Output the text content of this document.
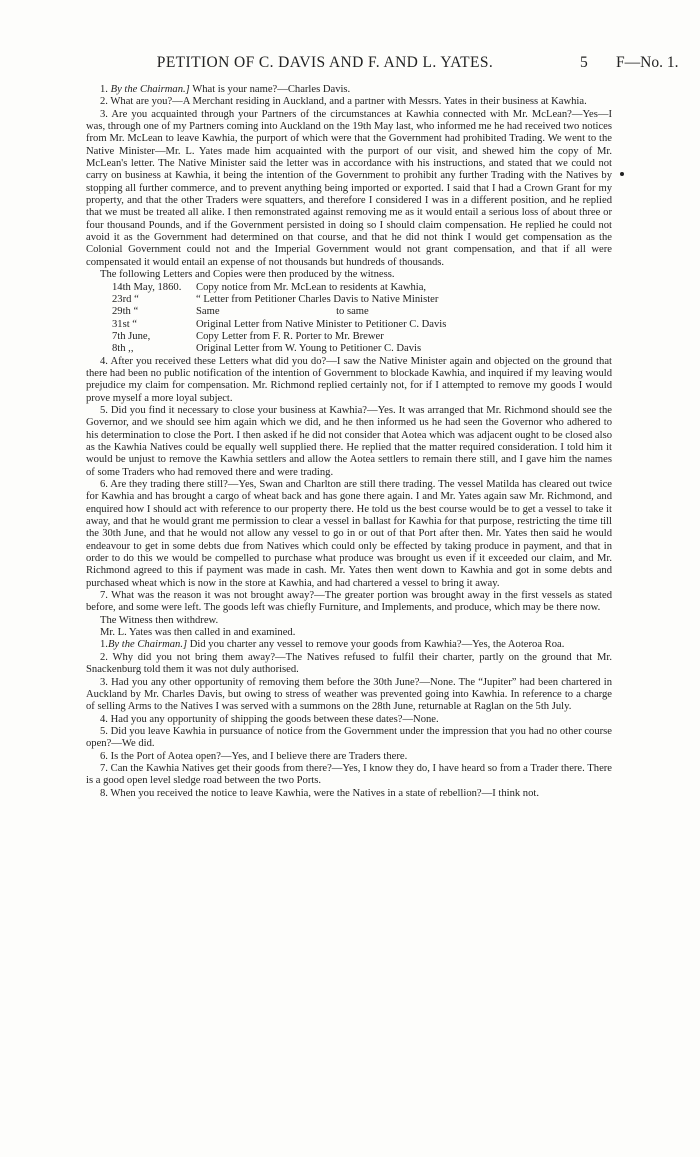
PETITION OF C. DAVIS AND F. AND L. YATES.	5 F—No. 1.

1. By the Chairman.] What is your name?—Charles Davis.

2. What are you?—A Merchant residing in Auckland, and a partner with Messrs. Yates in their business at Kawhia.

3. Are you acquainted through your Partners of the circumstances at Kawhia connected with Mr. McLean?—Yes—I was, through one of my Partners coming into Auckland on the 19th May last, who informed me he had received two notices from Mr. McLean to leave Kawhia, the purport of which were that the Government had prohibited Trading. We went to the Native Minister—Mr. L. Yates made him acquainted with the purport of our visit, and shewed him the copy of Mr. McLean's letter. The Native Minister said the letter was in accordance with his instructions, and stated that we could not carry on business at Kawhia, it being the intention of the Government to prohibit any further Trading with the Natives by stopping all further commerce, and to prevent anything being imported or exported. I said that I had a Crown Grant for my property, and that the other Traders were squatters, and therefore I considered I was in a different position, and he replied that we must be treated all alike. I then remonstrated against removing me as it would entail a serious loss of about three or four thousand Pounds, and if the Government persisted in doing so I should claim compensation. He replied he could not avoid it as the Government had determined on that course, and that he did not think I would get compensation as the Colonial Government could not and the Imperial Government would not grant compensation, and that if all were compensated it would entail an expense of not thousands but hundreds of thousands.

The following Letters and Copies were then produced by the witness.

14th May, 1860.	Copy notice from Mr. McLean to residents at Kawhia,
23rd “	“ Letter from Petitioner Charles Davis to Native Minister
29th “	Same                                            to same
31st “	Original Letter from Native Minister to Petitioner C. Davis
7th June,	Copy Letter from F. R. Porter to Mr. Brewer
8th ,,	Original Letter from W. Young to Petitioner C. Davis

4. After you received these Letters what did you do?—I saw the Native Minister again and objected on the ground that there had been no public notification of the intention of Government to blockade Kawhia, and inquired if my leaving would prejudice my claim for compensation. Mr. Richmond replied certainly not, for if I attempted to remove my goods I would prove myself a more loyal subject.

5. Did you find it necessary to close your business at Kawhia?—Yes. It was arranged that Mr. Richmond should see the Governor, and we should see him again which we did, and he then informed us he had seen the Governor who adhered to his determination to close the Port. I then asked if he did not consider that Aotea which was adjacent ought to be closed also as the Kawhia Natives could be equally well supplied there. He replied that the matter required consideration. I told him it would be unjust to remove the Kawhia settlers and allow the Aotea settlers to remain there still, and I gave him the names of some Traders who had removed there and were trading.

6. Are they trading there still?—Yes, Swan and Charlton are still there trading. The vessel Matilda has cleared out twice for Kawhia and has brought a cargo of wheat back and has gone there again. I and Mr. Yates again saw Mr. Richmond, and enquired how I should act with reference to our property there. He told us the best course would be to get a vessel to take it away, and that he would grant me permission to clear a vessel in ballast for Kawhia for that purpose, restricting the time till the 30th June, and that he would not allow any vessel to go in or out of that Port after then. Mr. Yates then said he would endeavour to get in some debts due from Natives which could only be effected by taking produce in payment, and that in order to do this we would be compelled to purchase what produce was brought us even if it exceeded our claim, and Mr. Richmond agreed to this if payment was made in cash. Mr. Yates then went down to Kawhia and got in some debts and purchased wheat which is now in the store at Kawhia, and had chartered a vessel to bring it away.

7. What was the reason it was not brought away?—The greater portion was brought away in the first vessels as stated before, and some were left. The goods left was chiefly Furniture, and Implements, and produce, which may be there now.

The Witness then withdrew.

Mr. L. Yates was then called in and examined.

1.By the Chairman.] Did you charter any vessel to remove your goods from Kawhia?—Yes, the Aoteroa Roa.

2. Why did you not bring them away?—The Natives refused to fulfil their charter, partly on the ground that Mr. Snackenburg told them it was not duly authorised.

3. Had you any other opportunity of removing them before the 30th June?—None. The “Jupiter” had been chartered in Auckland by Mr. Charles Davis, but owing to stress of weather was prevented going into Kawhia. In reference to a charge of selling Arms to the Natives I was served with a summons on the 28th June, returnable at Raglan on the 5th July.

4. Had you any opportunity of shipping the goods between these dates?—None.

5. Did you leave Kawhia in pursuance of notice from the Government under the impression that you had no other course open?—We did.

6. Is the Port of Aotea open?—Yes, and I believe there are Traders there.

7. Can the Kawhia Natives get their goods from there?—Yes, I know they do, I have heard so from a Trader there. There is a good open level sledge road between the two Ports.

8. When you received the notice to leave Kawhia, were the Natives in a state of rebellion?—I think not.
